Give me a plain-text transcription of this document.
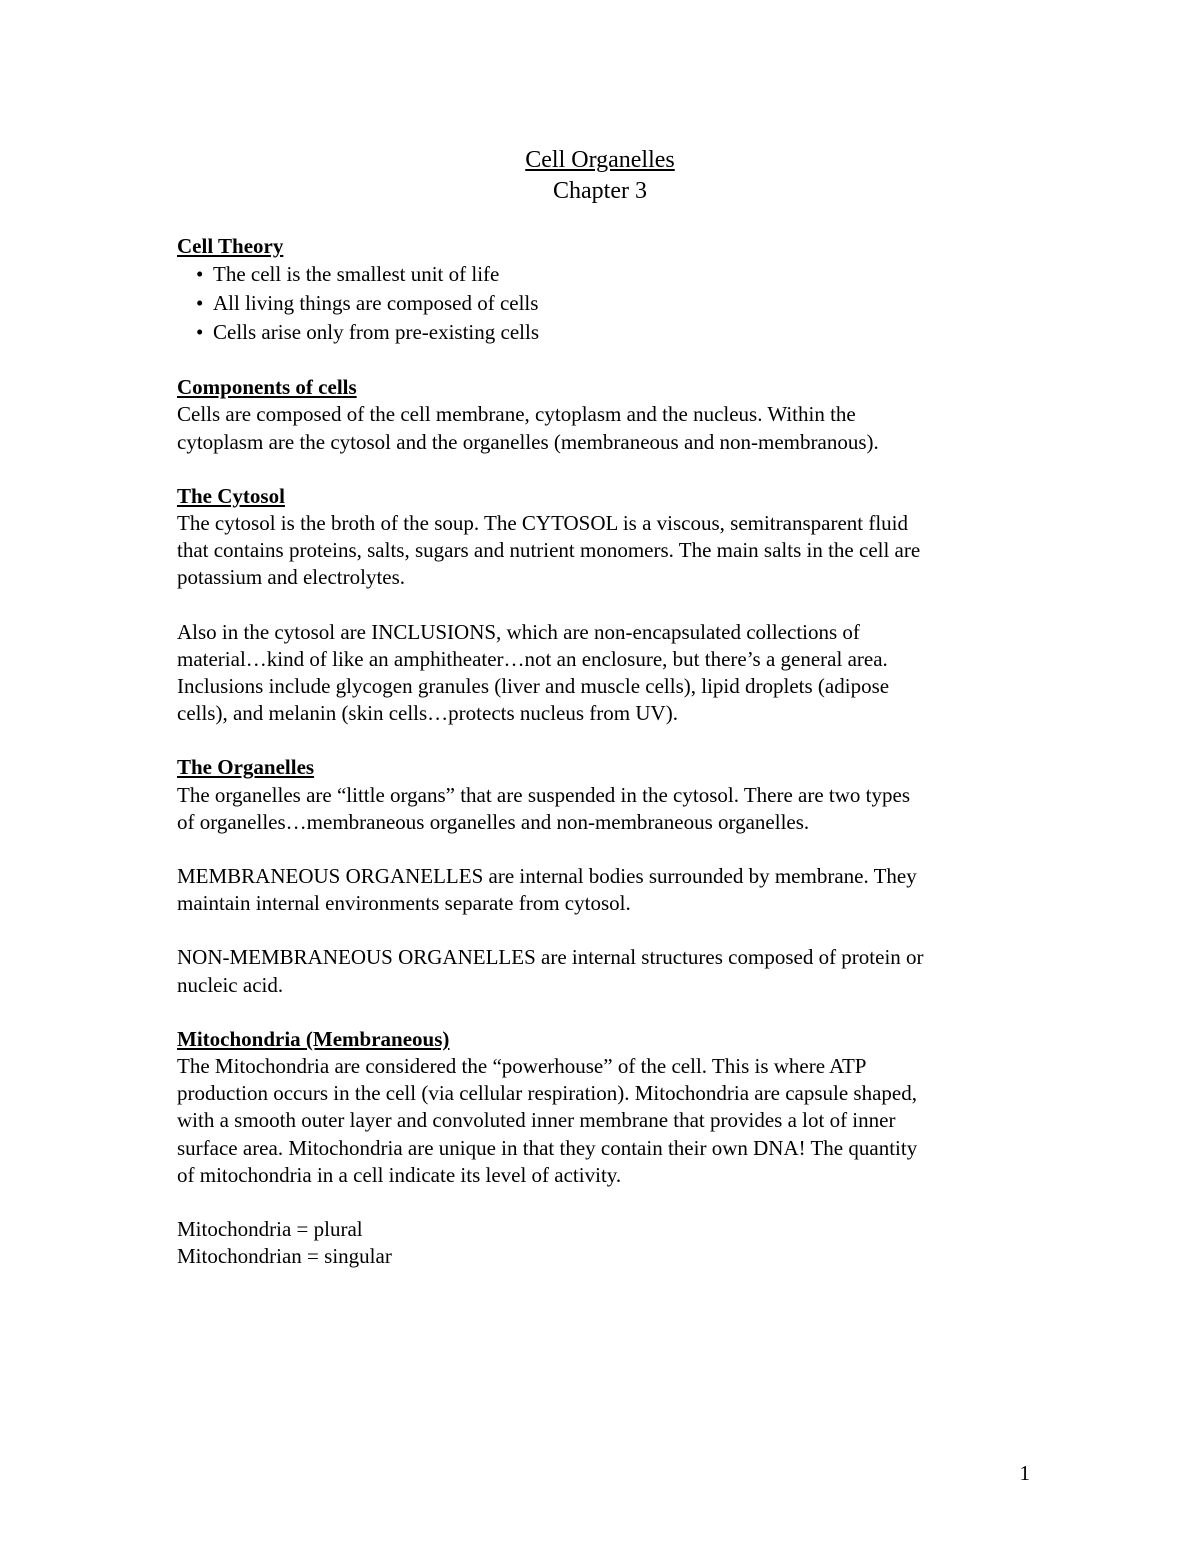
Cell Organelles
Chapter 3

Cell Theory

• The cell is the smallest unit of life
• All living things are composed of cells
• Cells arise only from pre-existing cells

Components of cells

Cells are composed of the cell membrane, cytoplasm and the nucleus. Within the
cytoplasm are the cytosol and the organelles (membraneous and non-membranous).

The Cytosol

The cytosol is the broth of the soup. The CYTOSOL is a viscous, semitransparent fluid
that contains proteins, salts, sugars and nutrient monomers. The main salts in the cell are
potassium and electrolytes.

Also in the cytosol are INCLUSIONS, which are non-encapsulated collections of
material…kind of like an amphitheater…not an enclosure, but there’s a general area.
Inclusions include glycogen granules (liver and muscle cells), lipid droplets (adipose
cells), and melanin (skin cells…protects nucleus from UV).

The Organelles

The organelles are “little organs” that are suspended in the cytosol. There are two types
of organelles…membraneous organelles and non-membraneous organelles.

MEMBRANEOUS ORGANELLES are internal bodies surrounded by membrane. They
maintain internal environments separate from cytosol.

NON-MEMBRANEOUS ORGANELLES are internal structures composed of protein or
nucleic acid.

Mitochondria (Membraneous)

The Mitochondria are considered the “powerhouse” of the cell. This is where ATP
production occurs in the cell (via cellular respiration). Mitochondria are capsule shaped,
with a smooth outer layer and convoluted inner membrane that provides a lot of inner
surface area. Mitochondria are unique in that they contain their own DNA! The quantity
of mitochondria in a cell indicate its level of activity.

Mitochondria = plural
Mitochondrian = singular

1
